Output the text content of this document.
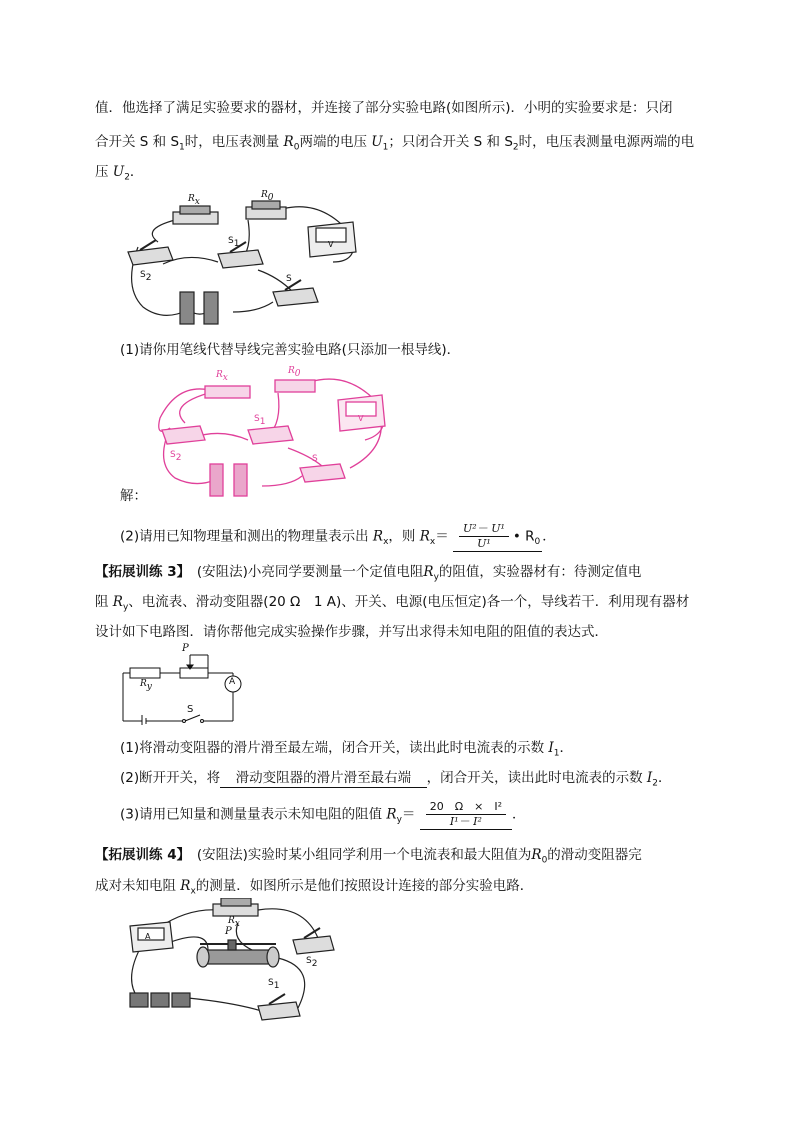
值．他选择了满足实验要求的器材，并连接了部分实验电路(如图所示)．小明的实验要求是：只闭
合开关 S 和 $S_1$时，电压表测量 $R_0$两端的电压 $U_1$；只闭合开关 S 和 $S_2$时，电压表测量电源两端的电
压 $U_2$．
$R_x$
$R_0$
$S_1$
$S_2$	S
V
(1)请你用笔线代替导线完善实验电路(只添加一根导线)．
$R_x$
$R_0$
$S_1$
$S_2$	S
V
解：
(2)请用已知物理量和测出的物理量表示出 $R_x$，则 $R_x= \frac{\text{U²－ U¹}}{\text{U¹}}$ • $R_0$ ．
【拓展训练 3】　 (安阻法)小亮同学要测量一个定值电阻$R_y$的阻值，实验器材有：待测定值电
阻 $R_y$、电流表、滑动变阻器(20 Ω　1 A)、开关、电源(电压恒定)各一个，导线若干．利用现有器材
设计如下电路图．请你帮他完成实验操作步骤，并写出求得未知电阻的阻值的表达式．
P
$R_y$	A
S
(1)将滑动变阻器的滑片滑至最左端，闭合开关，读出此时电流表的示数 $I_1$．
(2)断开开关，将　 滑动变阻器的滑片滑至最右端　 ，闭合开关，读出此时电流表的示数 $I_2$．
(3)请用已知量和测量量表示未知电阻的阻值 $R_y= \frac{\text{20　Ω　×　I²}}{\text{I¹－ I²}}$ ．
【拓展训练 4】　 (安阻法)实验时某小组同学利用一个电流表和最大阻值为$R_0$的滑动变阻器完
成对未知电阻 $R_x$的测量．如图所示是他们按照设计连接的部分实验电路．
A
$R_x$
P
$S_2$
$S_1$
